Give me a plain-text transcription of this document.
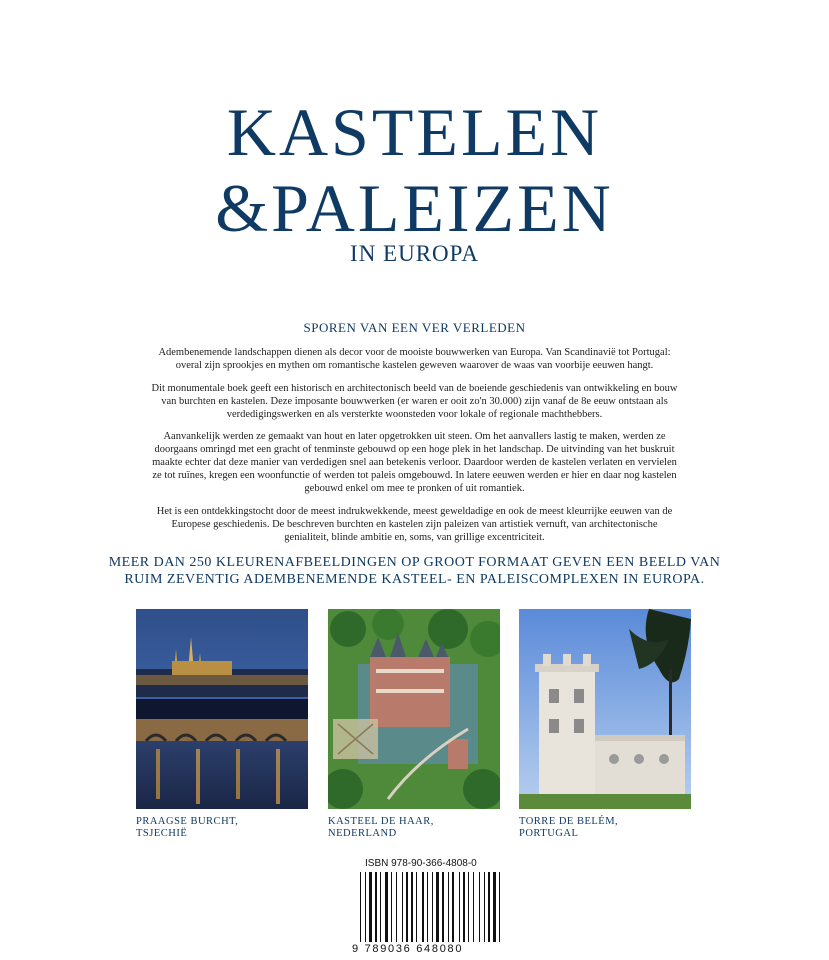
KASTELEN
&PALEIZEN
IN EUROPA
SPOREN VAN EEN VER VERLEDEN

Adembenemende landschappen dienen als decor voor de mooiste bouwwerken van Europa. Van Scandinavië tot Portugal: overal zijn sprookjes en mythen om romantische kastelen geweven waarover de waas van voorbije eeuwen hangt.

Dit monumentale boek geeft een historisch en architectonisch beeld van de boeiende geschiedenis van ontwikkeling en bouw van burchten en kastelen. Deze imposante bouwwerken (er waren er ooit zo'n 30.000) zijn vanaf de 8e eeuw ontstaan als verdedigingswerken en als versterkte woonsteden voor lokale of regionale machthebbers.

Aanvankelijk werden ze gemaakt van hout en later opgetrokken uit steen. Om het aanvallers lastig te maken, werden ze doorgaans omringd met een gracht of tenminste gebouwd op een hoge plek in het landschap. De uitvinding van het buskruit maakte echter dat deze manier van verdedigen snel aan betekenis verloor. Daardoor werden de kastelen verlaten en vervielen ze tot ruïnes, kregen een woonfunctie of werden tot paleis omgebouwd. In latere eeuwen werden er hier en daar nog kastelen gebouwd enkel om mee te pronken of uit romantiek.

Het is een ontdekkingstocht door de meest indrukwekkende, meest geweldadige en ook de meest kleurrijke eeuwen van de Europese geschiedenis. De beschreven burchten en kastelen zijn paleizen van artistiek vernuft, van architectonische genialiteit, blinde ambitie en, soms, van grillige excentriciteit.

MEER DAN 250 KLEURENAFBEELDINGEN OP GROOT FORMAAT GEVEN EEN BEELD VAN RUIM ZEVENTIG ADEMBENEMENDE KASTEEL- EN PALEISCOMPLEXEN IN EUROPA.

PRAAGSE BURCHT,
TSJECHIË
KASTEEL DE HAAR,
NEDERLAND
TORRE DE BELÉM,
PORTUGAL
ISBN 978-90-366-4808-0
9 789036 648080
